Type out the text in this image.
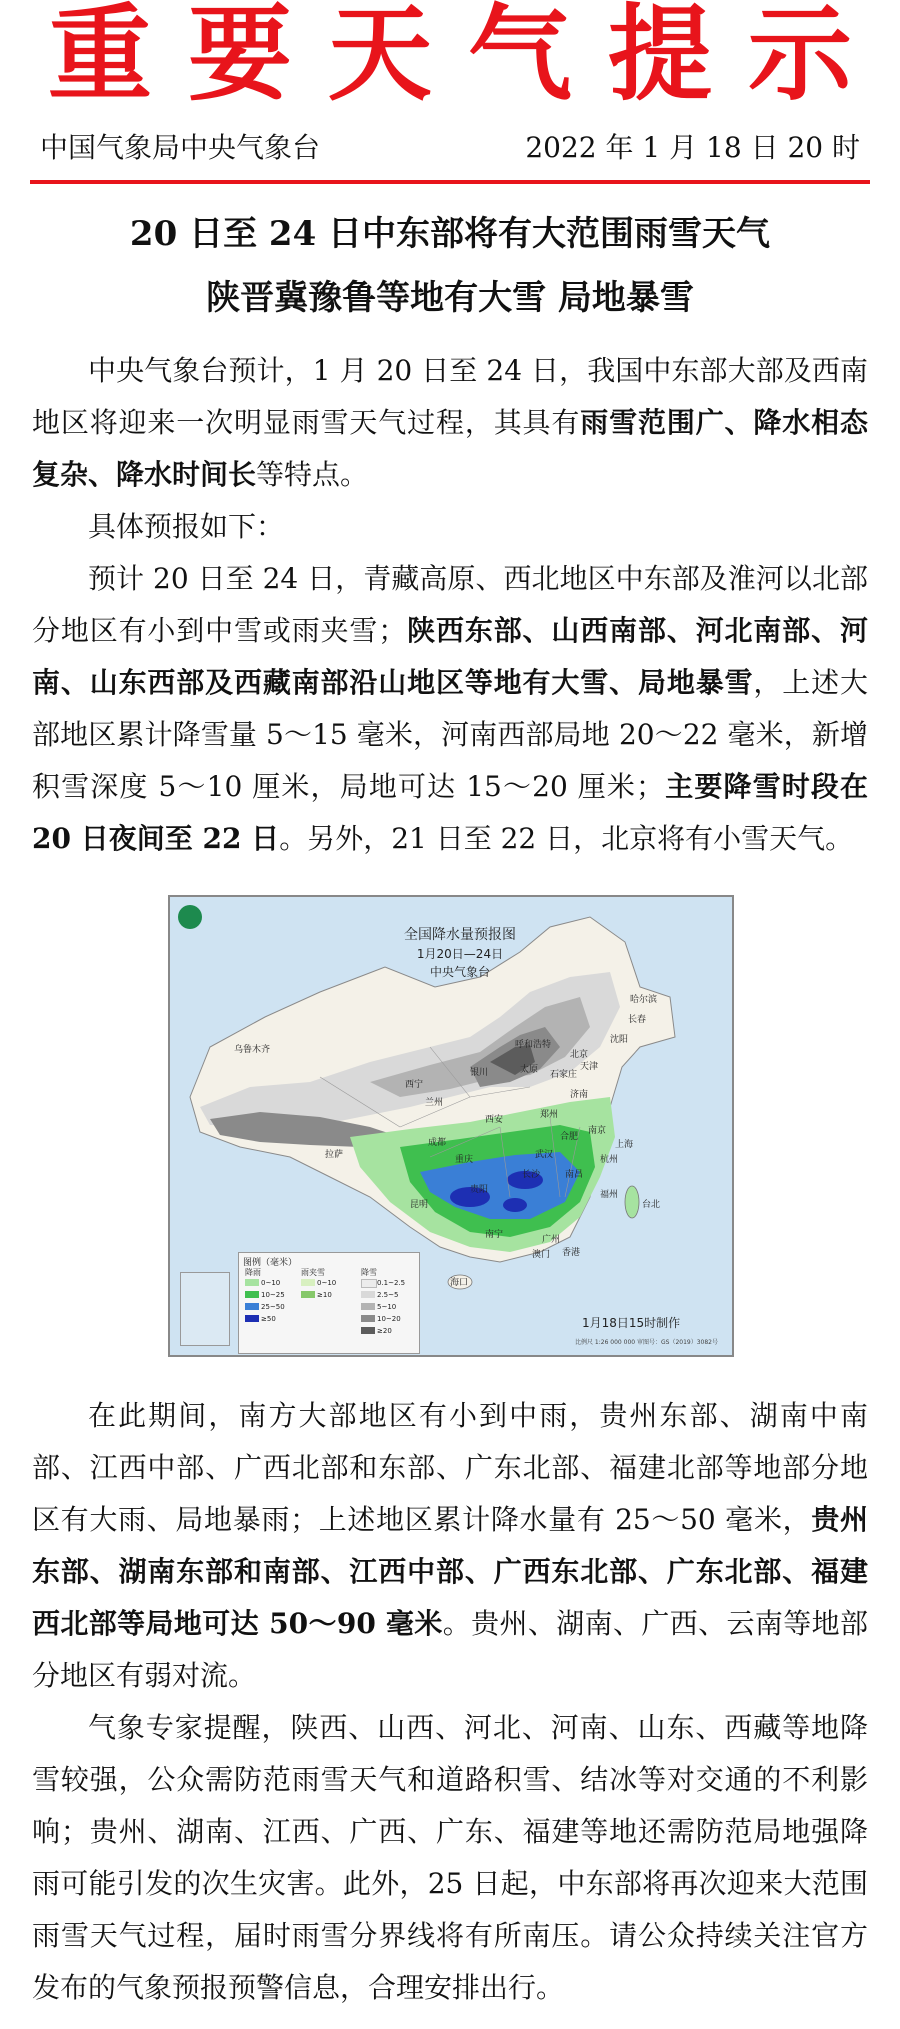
重要天气提示
中国气象局中央气象台	2022 年 1 月 18 日 20 时
20 日至 24 日中东部将有大范围雨雪天气
陕晋冀豫鲁等地有大雪 局地暴雪

中央气象台预计，1 月 20 日至 24 日，我国中东部大部及西南地区将迎来一次明显雨雪天气过程，其具有雨雪范围广、降水相态复杂、降水时间长等特点。

具体预报如下：

预计 20 日至 24 日，青藏高原、西北地区中东部及淮河以北部分地区有小到中雪或雨夹雪；陕西东部、山西南部、河北南部、河南、山东西部及西藏南部沿山地区等地有大雪、局地暴雪，上述大部地区累计降雪量 5～15 毫米，河南西部局地 20～22 毫米，新增积雪深度 5～10 厘米，局地可达 15～20 厘米；主要降雪时段在 20 日夜间至 22 日。另外，21 日至 22 日，北京将有小雪天气。

全国降水量预报图
1月20日—24日
中央气象台
乌鲁木齐
哈尔滨
长春
沈阳
北京
天津
呼和浩特
石家庄
太原
银川
西宁
兰州
济南
郑州
西安
合肥
南京
上海
杭州
武汉
成都
拉萨	重庆
长沙	南昌
福州
台北
贵阳
昆明
南宁	广州
香港
澳门
海口
图例（毫米）
降雨	雨夹雪	降雪
0~10
10~25
25~50
≥50
0~10
≥10
0.1~2.5
2.5~5
5~10
10~20
≥20
1月18日15时制作
比例尺 1:26 000 000 审图号：GS（2019）3082号

在此期间，南方大部地区有小到中雨，贵州东部、湖南中南部、江西中部、广西北部和东部、广东北部、福建北部等地部分地区有大雨、局地暴雨；上述地区累计降水量有 25～50 毫米，贵州东部、湖南东部和南部、江西中部、广西东北部、广东北部、福建西北部等局地可达 50～90 毫米。贵州、湖南、广西、云南等地部分地区有弱对流。

气象专家提醒，陕西、山西、河北、河南、山东、西藏等地降雪较强，公众需防范雨雪天气和道路积雪、结冰等对交通的不利影响；贵州、湖南、江西、广西、广东、福建等地还需防范局地强降雨可能引发的次生灾害。此外，25 日起，中东部将再次迎来大范围雨雪天气过程，届时雨雪分界线将有所南压。请公众持续关注官方发布的气象预报预警信息，合理安排出行。
